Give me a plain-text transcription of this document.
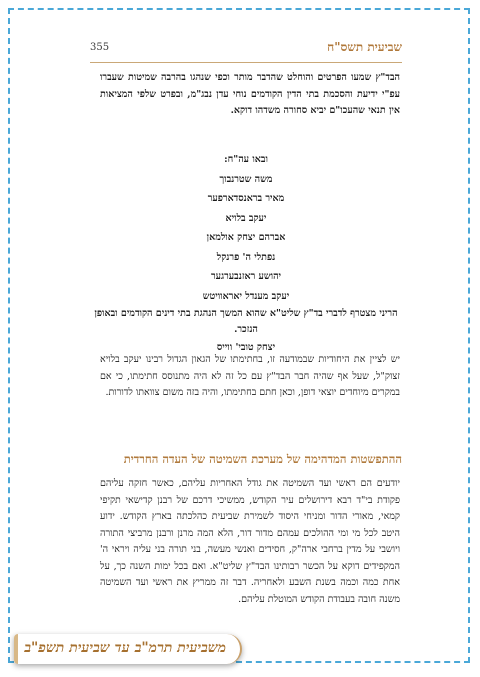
355	שביעית תשס"ח

הבד"ץ שמעו הפרטים והוחלט שהדבר מותר וכפי שנהגו בהרבה שמיטות שעברו עפ"י ידיעת והסכמת בתי הדין הקודמים נוחי עדן נבג"מ, ובפרט שלפי המציאות אין תנאי שהעכו"ם יביא סחורה משדהו דוקא.

ובאו עה"ח:
משה שטרנבוך
מאיר בראנסדארפער
יעקב בלויא
אברהם יצחק אולמאן
נפתלי ה' פרנקל
יהושע ראזנבערגער
יעקב מענדל יאראוויטש
הריני מצטרף לדברי בד"ץ שליט"א שהוא המשך הנהגת בתי דינים הקודמים ובאופן הנזכר.
יצחק טובי' ווייס

יש לציין את היחודיות שבמודעה זו, בחתימתו של הגאון הגדול רבינו יעקב בלויא זצוק"ל, שעל אף שהיה חבר הבד"ץ עם כל זה לא היה מתנוסס חתימתו, כי אם במקרים מיוחדים יוצאי דופן, וכאן חתם בחתימתו, והיה בזה משום צוואתו לדורות.

ההתפשטות המדהימה של מערכת השמיטה של העדה החרדית

יודעים הם ראשי ועד השמיטה את גודל האחריות עליהם, כאשר חזקה עליהם פקודת בי"ד רבא דירושלים עיר הקודש, ממשיכי דרכם של רבנן קדישאי תקיפי קמאי, מאורי הדור ומניחי היסוד לשמירת שביעית כהלכתה בארץ הקודש. ידוע היטב לכל מי ומי ההולכים עמהם מדור דור, הלא המה מרנן ורבנן מרביצי התורה ויושבי על מדין ברחבי ארה"ק, חסידים ואנשי מעשה, בני תורה בני עליה ויראי ה' המקפידים דוקא על הכשר רבותינו הבד"ץ שליט"א. ואם בכל ימות השנה כך, על אחת כמה וכמה בשנת השבע ולאחריה. דבר זה ממריץ את ראשי ועד השמיטה משנה חובה בעבודת הקודש המוטלת עליהם.

משביעית תרמ"ב עד שביעית תשפ"ב
